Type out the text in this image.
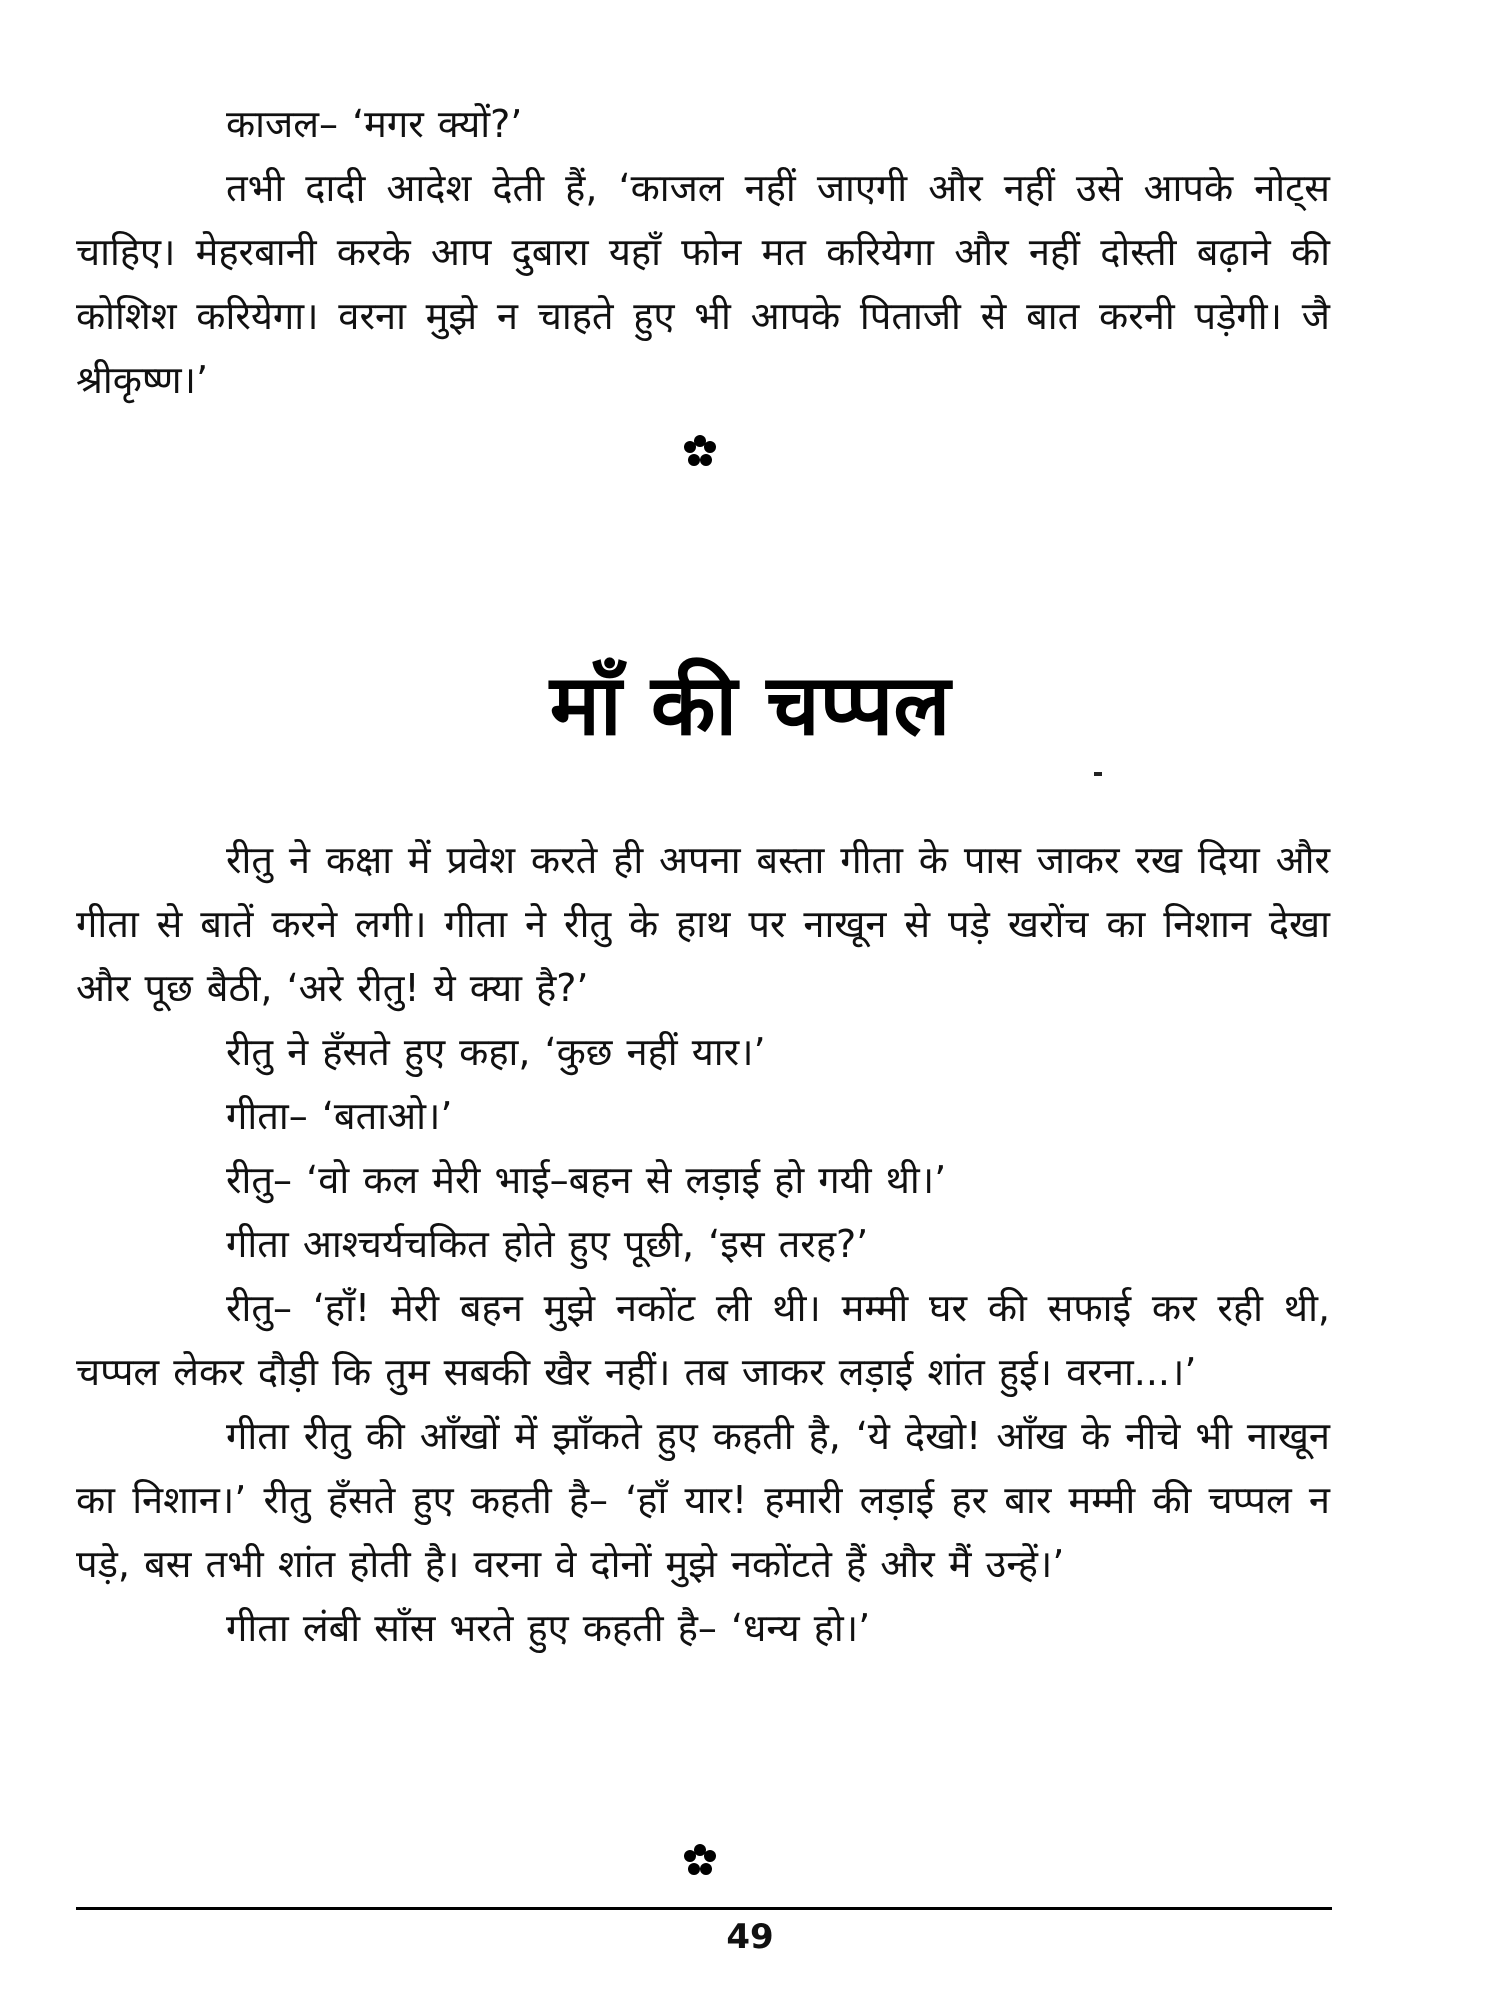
काजल– ‘मगर क्यों?’

तभी दादी आदेश देती हैं, ‘काजल नहीं जाएगी और नहीं उसे आपके नोट्स चाहिए। मेहरबानी करके आप दुबारा यहाँ फोन मत करियेगा और नहीं दोस्ती बढ़ाने की कोशिश करियेगा। वरना मुझे न चाहते हुए भी आपके पिताजी से बात करनी पड़ेगी। जै श्रीकृष्ण।’

माँ की चप्पल

रीतु ने कक्षा में प्रवेश करते ही अपना बस्ता गीता के पास जाकर रख दिया और गीता से बातें करने लगी। गीता ने रीतु के हाथ पर नाखून से पड़े खरोंच का निशान देखा और पूछ बैठी, ‘अरे रीतु! ये क्या है?’

रीतु ने हँसते हुए कहा, ‘कुछ नहीं यार।’

गीता– ‘बताओ।’

रीतु– ‘वो कल मेरी भाई–बहन से लड़ाई हो गयी थी।’

गीता आश्चर्यचकित होते हुए पूछी, ‘इस तरह?’

रीतु– ‘हाँ! मेरी बहन मुझे नकोंट ली थी। मम्मी घर की सफाई कर रही थी, चप्पल लेकर दौड़ी कि तुम सबकी खैर नहीं। तब जाकर लड़ाई शांत हुई। वरना...।’

गीता रीतु की आँखों में झाँकते हुए कहती है, ‘ये देखो! आँख के नीचे भी नाखून का निशान।’ रीतु हँसते हुए कहती है– ‘हाँ यार! हमारी लड़ाई हर बार मम्मी की चप्पल न पड़े, बस तभी शांत होती है। वरना वे दोनों मुझे नकोंटते हैं और मैं उन्हें।’

गीता लंबी साँस भरते हुए कहती है– ‘धन्य हो।’

49
